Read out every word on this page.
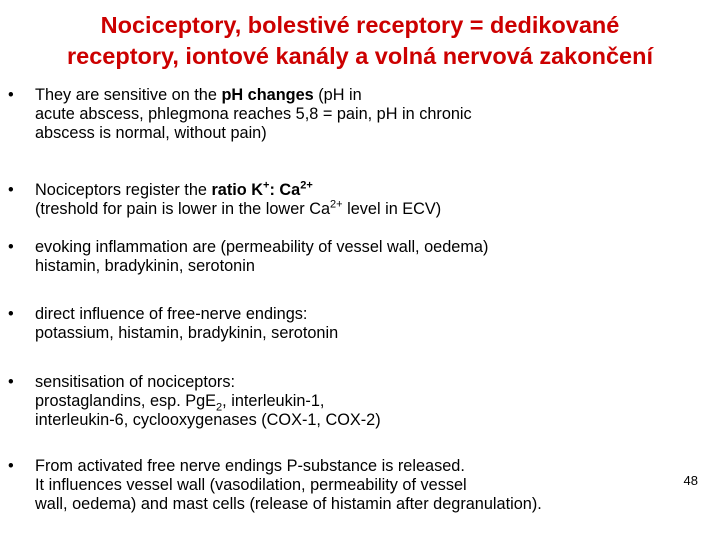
Nociceptory, bolestivé receptory = dedikované
receptory, iontové kanály a volná nervová zakončení
• They are sensitive on the pH changes (pH in
acute abscess, phlegmona reaches 5,8 = pain, pH in chronic
abscess is normal, without pain)
• Nociceptors register the ratio K+: $Ca^{2+}$
(treshold for pain is lower in the lower $Ca^{2+}$ level in ECV)
• evoking inflammation are (permeability of vessel wall, oedema)
histamin, bradykinin, serotonin
• direct influence of free-nerve endings:
potassium, histamin, bradykinin, serotonin
• sensitisation of nociceptors:
prostaglandins, esp. PgE$_2$, interleukin-1,
interleukin-6, cyclooxygenases (COX-1, COX-2)
• From activated free nerve endings P-substance is released.
It influences vessel wall (vasodilation, permeability of vessel
wall, oedema) and mast cells (release of histamin after degranulation).
48
